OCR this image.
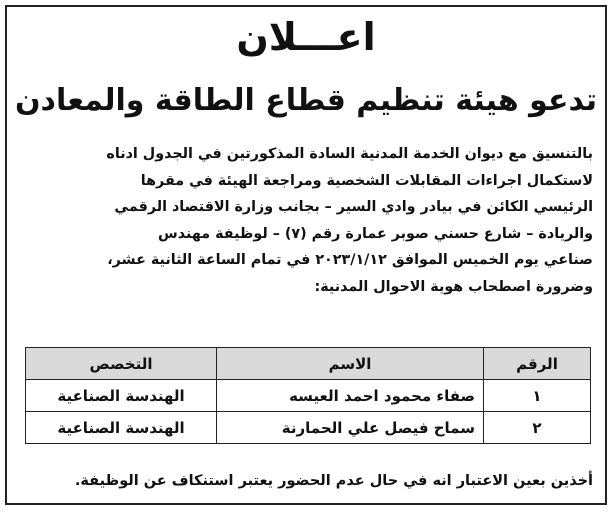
اعـــلان
تدعو هيئة تنظيم قطاع الطاقة والمعادن
بالتنسيق مع ديوان الخدمة المدنية السادة المذكورتين في الجدول ادناه
لاستكمال اجراءات المقابلات الشخصية ومراجعة الهيئة في مقرها
الرئيسي الكائن في بيادر وادي السير – بجانب وزارة الاقتصاد الرقمي
والريادة – شارع حسني صوبر عمارة رقم (٧) – لوظيفة مهندس
صناعي يوم الخميس الموافق ٢٠٢٣/١/١٢ في تمام الساعة الثانية عشر،
وضرورة اصطحاب هوية الاحوال المدنية:
الرقم	الاسم	التخصص
١	صفاء محمود احمد العيسه	الهندسة الصناعية
٢	سماح فيصل علي الحمارنة	الهندسة الصناعية
أخذين بعين الاعتبار انه في حال عدم الحضور يعتبر استنكاف عن الوظيفة.
